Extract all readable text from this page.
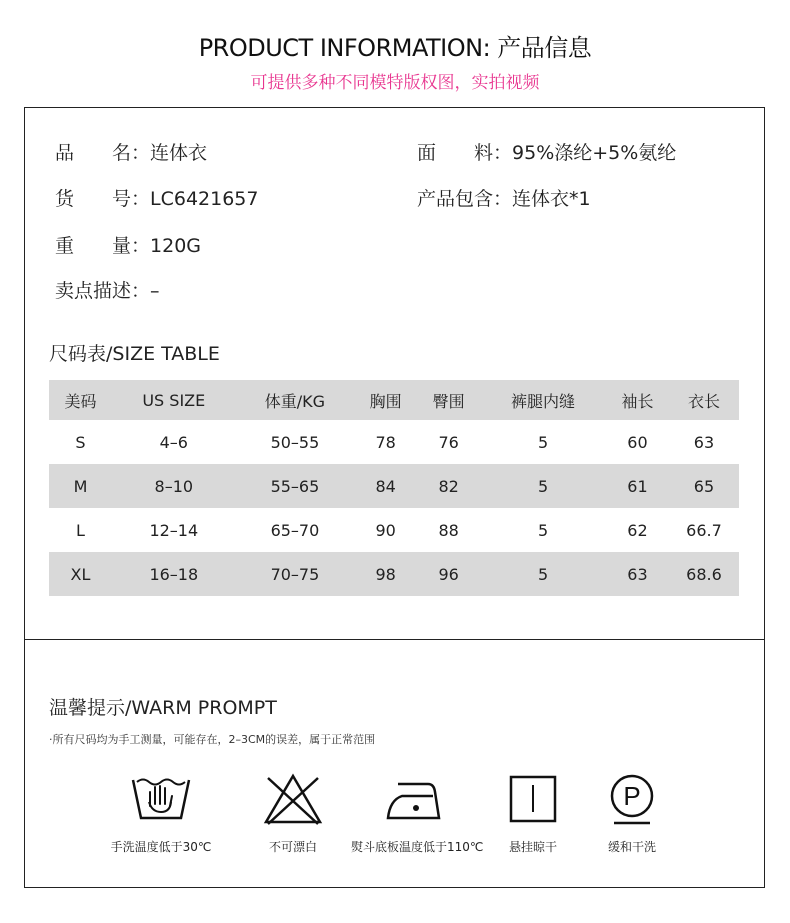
PRODUCT INFORMATION: 产品信息
可提供多种不同模特版权图，实拍视频
品　　名：连体衣	面　　料：95%涤纶+5%氨纶
货　　号：LC6421657	产品包含：连体衣*1
重　　量：120G
卖点描述：–
尺码表/SIZE TABLE
美码	US SIZE	体重/KG	胸围	臀围	裤腿内缝	袖长	衣长
S	4–6	50–55	78	76	5	60	63
M	8–10	55–65	84	82	5	61	65
L	12–14	65–70	90	88	5	62	66.7
XL	16–18	70–75	98	96	5	63	68.6
温馨提示/WARM PROMPT
·所有尺码均为手工测量，可能存在，2–3CM的误差，属于正常范围
手洗温度低于30℃	不可漂白	熨斗底板温度低于110℃	悬挂晾干
P
缓和干洗
